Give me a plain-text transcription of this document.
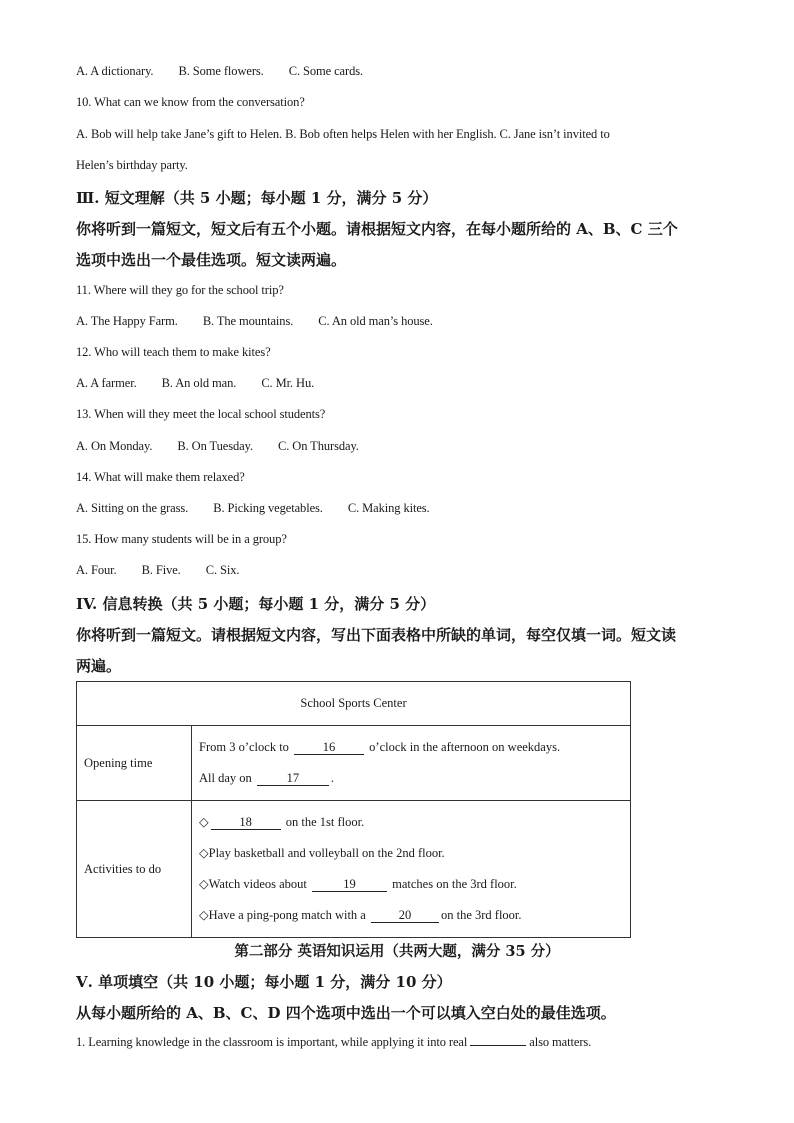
A. A dictionary. B. Some flowers. C. Some cards.
10. What can we know from the conversation?
A. Bob will help take Jane’s gift to Helen. B. Bob often helps Helen with her English. C. Jane isn’t invited to
Helen’s birthday party.
Ⅲ. 短文理解（共 5 小题；每小题 1 分，满分 5 分）
你将听到一篇短文，短文后有五个小题。请根据短文内容，在每小题所给的 A、B、C 三个
选项中选出一个最佳选项。短文读两遍。
11. Where will they go for the school trip?
A. The Happy Farm. B. The mountains. C. An old man’s house.
12. Who will teach them to make kites?
A. A farmer. B. An old man. C. Mr. Hu.
13. When will they meet the local school students?
A. On Monday. B. On Tuesday. C. On Thursday.
14. What will make them relaxed?
A. Sitting on the grass. B. Picking vegetables. C. Making kites.
15. How many students will be in a group?
A. Four. B. Five. C. Six.
IV. 信息转换（共 5 小题；每小题 1 分，满分 5 分）
你将听到一篇短文。请根据短文内容，写出下面表格中所缺的单词，每空仅填一词。短文读
两遍。
School Sports Center	
Opening time	From 3 o’clock to 16 o’clock in the afternoon on weekdays.
All day on 17 .

Activities to do	◇ 18 on the 1st floor.
◇Play basketball and volleyball on the 2nd floor.
◇Watch videos about 19 matches on the 3rd floor.
◇Have a ping-pong match with a 20 on the 3rd floor.
第二部分 英语知识运用（共两大题，满分 35 分）
Ⅴ. 单项填空（共 10 小题；每小题 1 分，满分 10 分）
从每小题所给的 A、B、C、D 四个选项中选出一个可以填入空白处的最佳选项。
1. Learning knowledge in the classroom is important, while applying it into real	also matters.
